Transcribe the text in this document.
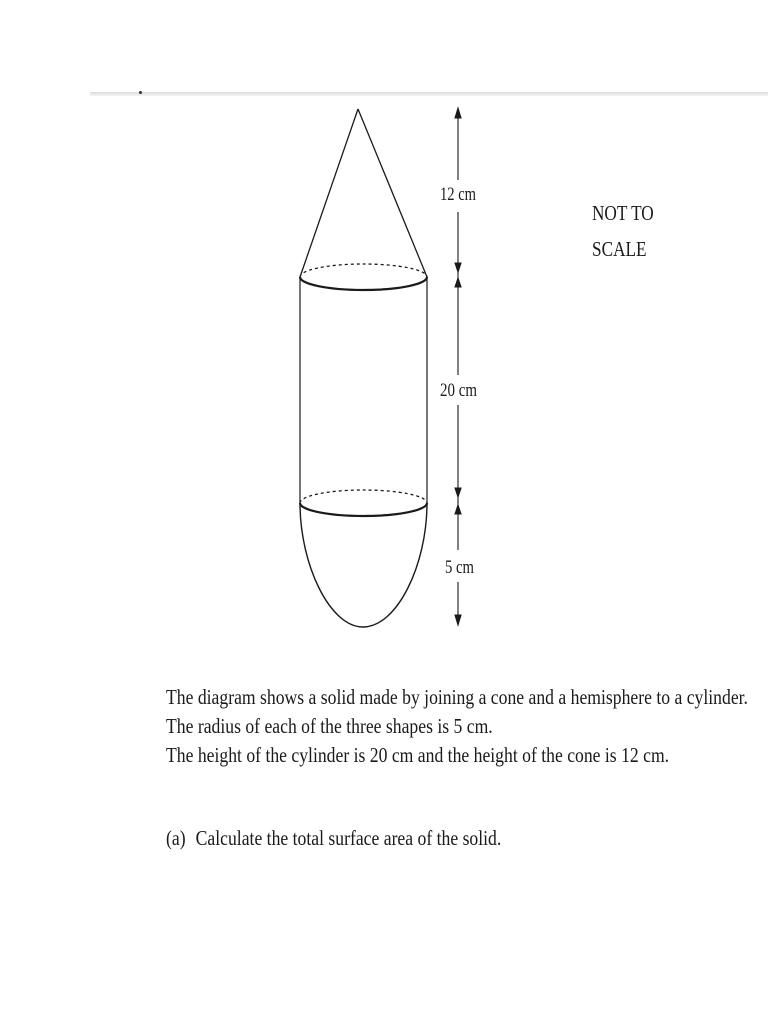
12 cm
20 cm
5 cm
NOT TO
SCALE

The diagram shows a solid made by joining a cone and a hemisphere to a cylinder.

The radius of each of the three shapes is 5 cm.

The height of the cylinder is 20 cm and the height of the cone is 12 cm.

(a) Calculate the total surface area of the solid.
